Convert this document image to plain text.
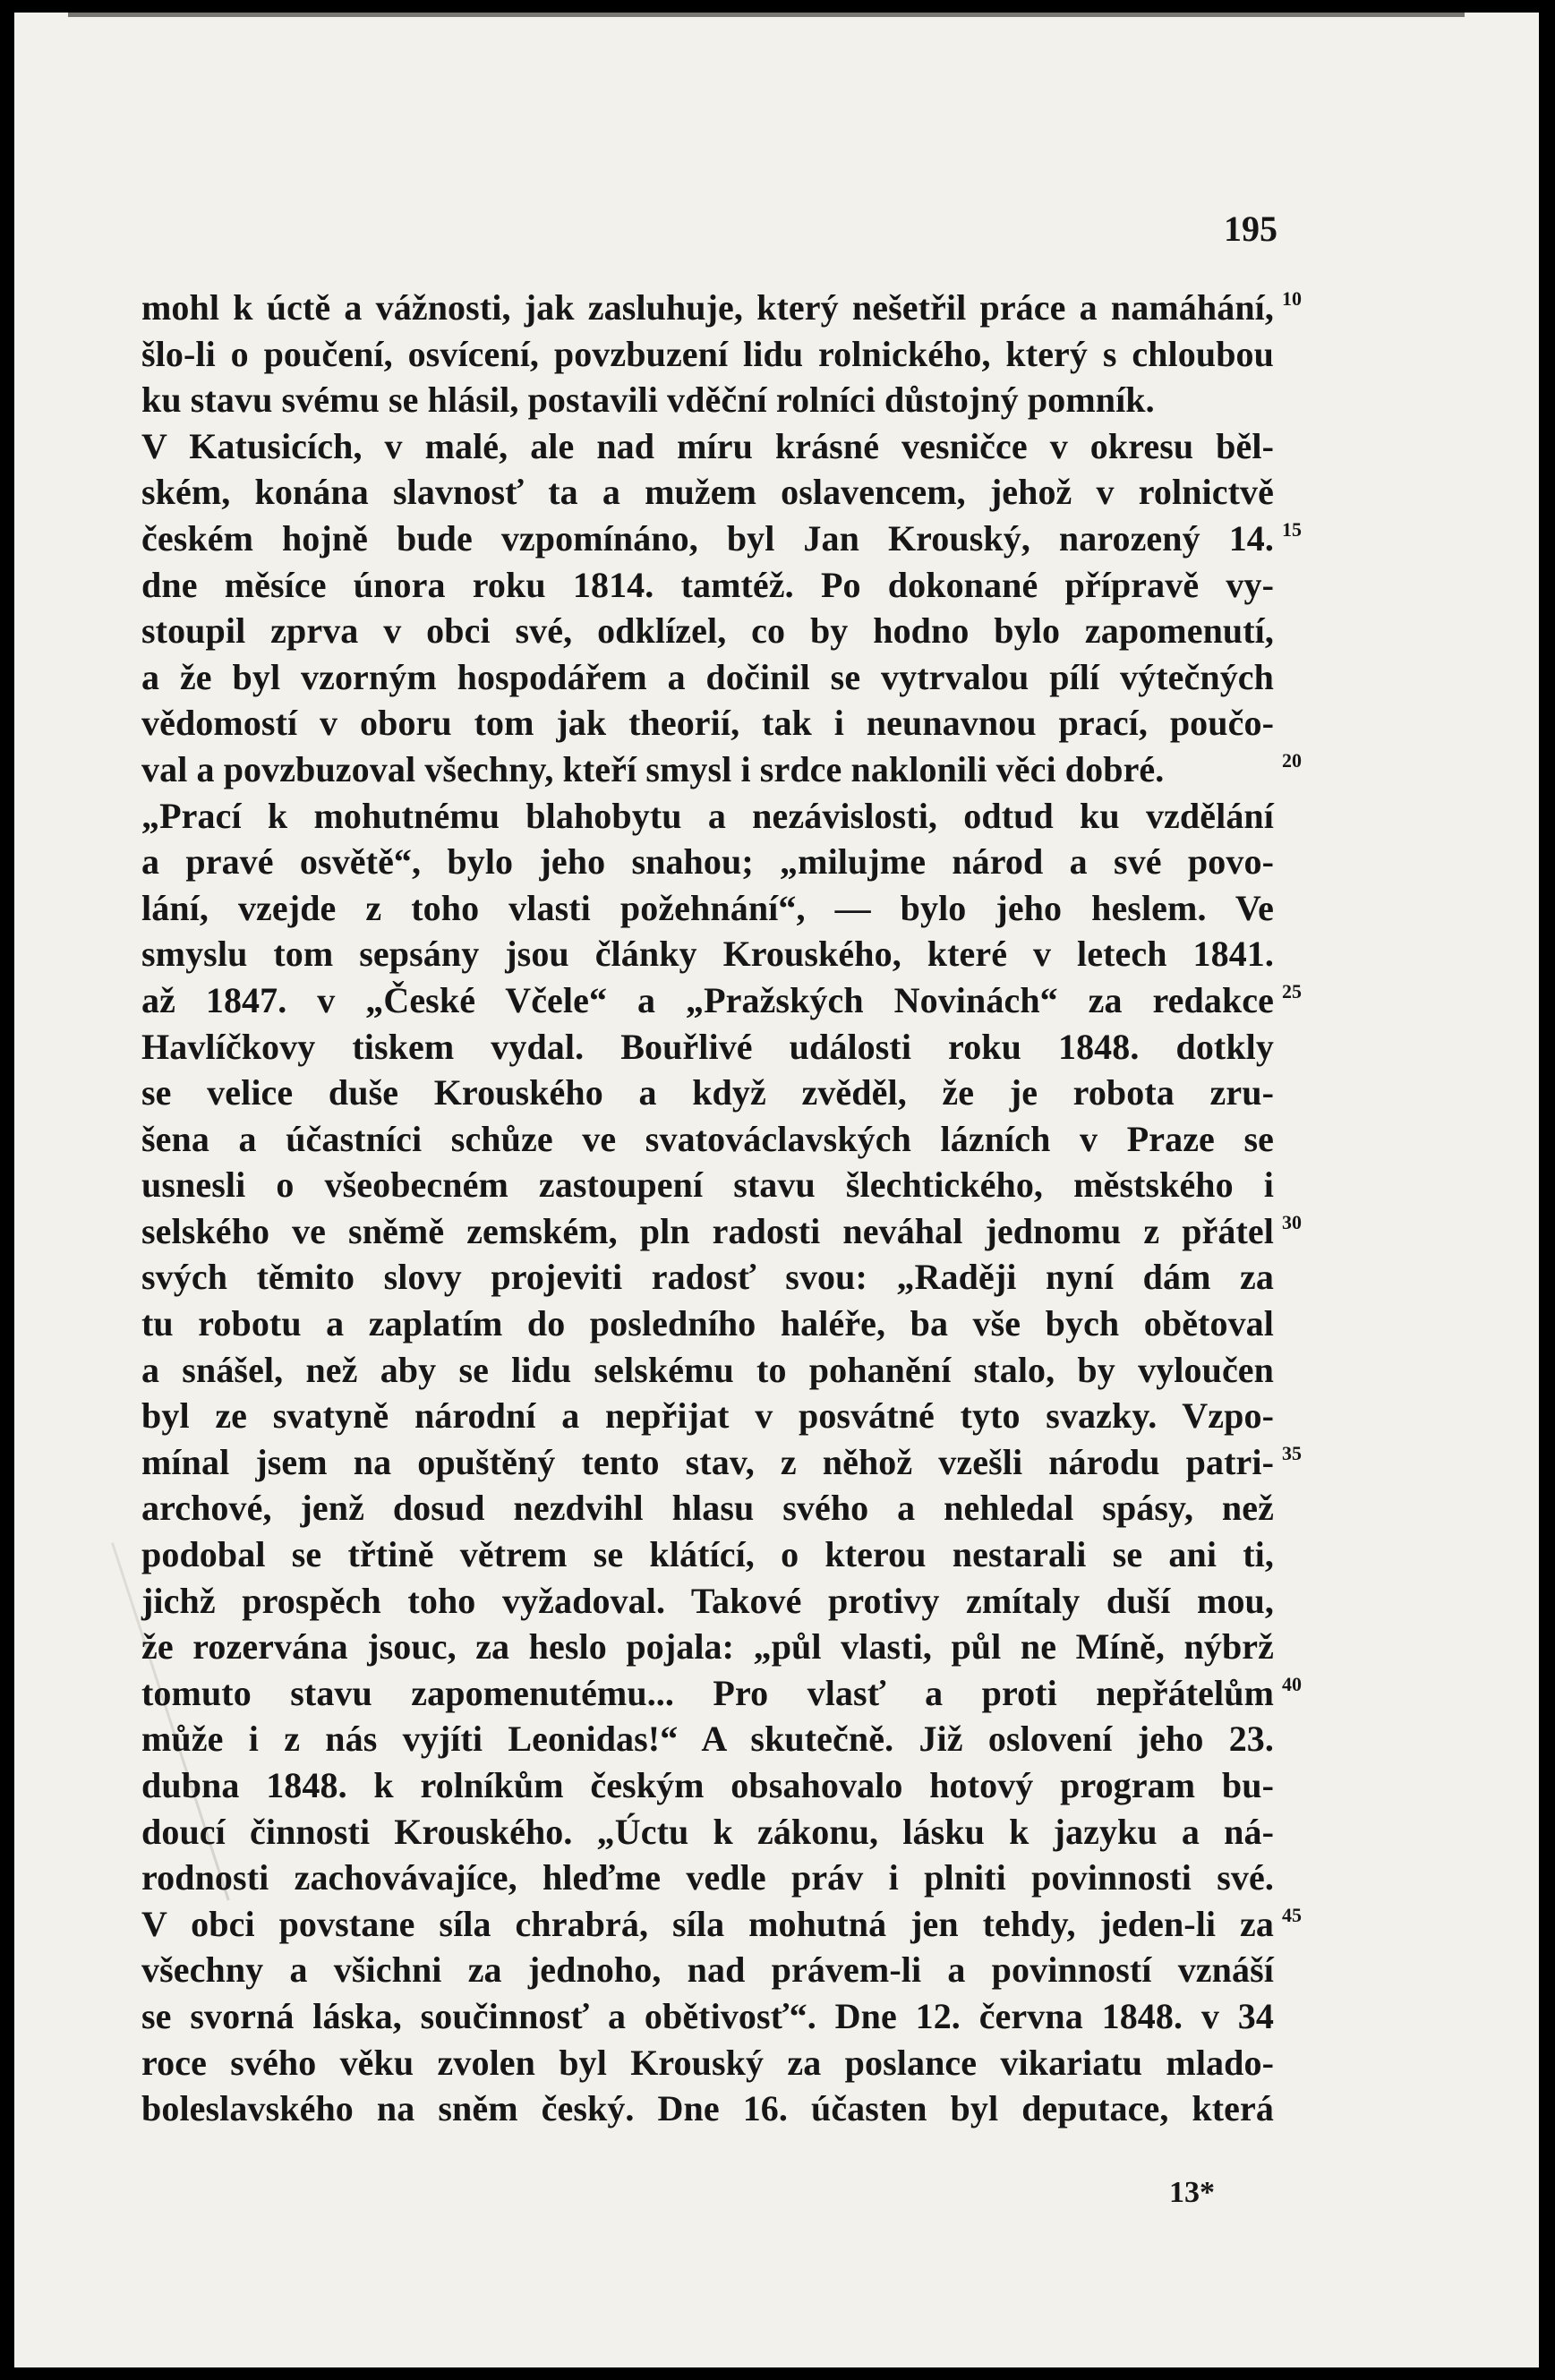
195
mohl k úctě a vážnosti, jak zasluhuje, který nešetřil práce a namáhání,
šlo-li o poučení, osvícení, povzbuzení lidu rolnického, který s chloubou
ku stavu svému se hlásil, postavili vděční rolníci důstojný pomník.
V Katusicích, v malé, ale nad míru krásné vesničce v okresu běl-
ském, konána slavnosť ta a mužem oslavencem, jehož v rolnictvě
českém hojně bude vzpomínáno, byl Jan Krouský, narozený 14.
dne měsíce února roku 1814. tamtéž. Po dokonané přípravě vy-
stoupil zprva v obci své, odklízel, co by hodno bylo zapomenutí,
a že byl vzorným hospodářem a dočinil se vytrvalou pílí výtečných
vědomostí v oboru tom jak theorií, tak i neunavnou prací, poučo-
val a povzbuzoval všechny, kteří smysl i srdce naklonili věci dobré.
„Prací k mohutnému blahobytu a nezávislosti, odtud ku vzdělání
a pravé osvětě“, bylo jeho snahou; „milujme národ a své povo-
lání, vzejde z toho vlasti požehnání“, — bylo jeho heslem. Ve
smyslu tom sepsány jsou články Krouského, které v letech 1841.
až 1847. v „České Včele“ a „Pražských Novinách“ za redakce
Havlíčkovy tiskem vydal. Bouřlivé události roku 1848. dotkly
se velice duše Krouského a když zvěděl, že je robota zru-
šena a účastníci schůze ve svatováclavských lázních v Praze se
usnesli o všeobecném zastoupení stavu šlechtického, městského i
selského ve sněmě zemském, pln radosti neváhal jednomu z přátel
svých těmito slovy projeviti radosť svou: „Raději nyní dám za
tu robotu a zaplatím do posledního haléře, ba vše bych obětoval
a snášel, než aby se lidu selskému to pohanění stalo, by vyloučen
byl ze svatyně národní a nepřijat v posvátné tyto svazky. Vzpo-
mínal jsem na opuštěný tento stav, z něhož vzešli národu patri-
archové, jenž dosud nezdvihl hlasu svého a nehledal spásy, než
podobal se třtině větrem se klátící, o kterou nestarali se ani ti,
jichž prospěch toho vyžadoval. Takové protivy zmítaly duší mou,
že rozervána jsouc, za heslo pojala: „půl vlasti, půl ne Míně, nýbrž
tomuto stavu zapomenutému... Pro vlasť a proti nepřátelům
může i z nás vyjíti Leonidas!“ A skutečně. Již oslovení jeho 23.
dubna 1848. k rolníkům českým obsahovalo hotový program bu-
doucí činnosti Krouského. „Úctu k zákonu, lásku k jazyku a ná-
rodnosti zachovávajíce, hleďme vedle práv i plniti povinnosti své.
V obci povstane síla chrabrá, síla mohutná jen tehdy, jeden-li za
všechny a všichni za jednoho, nad právem-li a povinností vznáší
se svorná láska, součinnosť a obětivosť“. Dne 12. června 1848. v 34
roce svého věku zvolen byl Krouský za poslance vikariatu mlado-
boleslavského na sněm český. Dne 16. účasten byl deputace, která
10
15
20
25
30
35
40
45
13*
